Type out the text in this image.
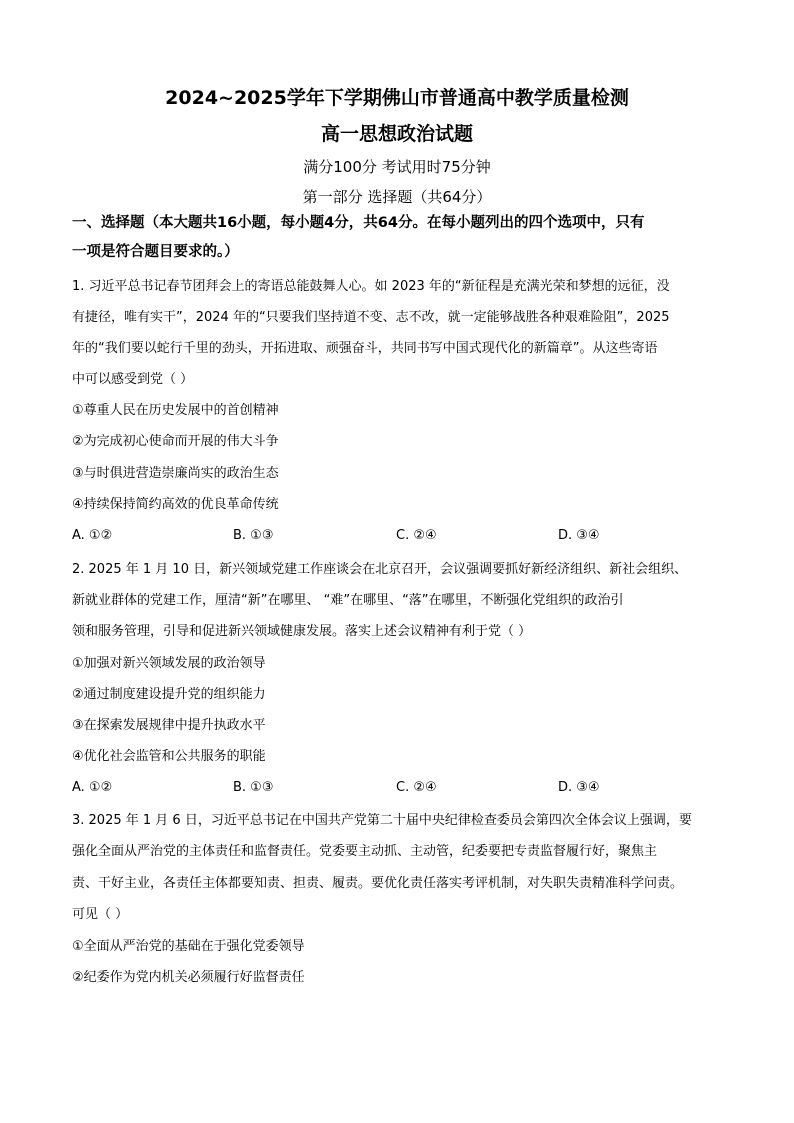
2024~2025学年下学期佛山市普通高中教学质量检测
高一思想政治试题
满分100分 考试用时75分钟
第一部分 选择题（共64分）
一、选择题（本大题共16小题，每小题4分，共64分。在每小题列出的四个选项中，只有
一项是符合题目要求的。）
1. 习近平总书记春节团拜会上的寄语总能鼓舞人心。如 2023 年的“新征程是充满光荣和梦想的远征，没
有捷径，唯有实干”，2024 年的“只要我们坚持道不变、志不改，就一定能够战胜各种艰难险阻”，2025
年的“我们要以蛇行千里的劲头，开拓进取、顽强奋斗，共同书写中国式现代化的新篇章”。从这些寄语
中可以感受到党（ ）
①尊重人民在历史发展中的首创精神
②为完成初心使命而开展的伟大斗争
③与时俱进营造崇廉尚实的政治生态
④持续保持简约高效的优良革命传统
A. ①②	B. ①③	C. ②④	D. ③④
2. 2025 年 1 月 10 日，新兴领域党建工作座谈会在北京召开，会议强调要抓好新经济组织、新社会组织、
新就业群体的党建工作，厘清“新”在哪里、 “难”在哪里、“落”在哪里，不断强化党组织的政治引
领和服务管理，引导和促进新兴领域健康发展。落实上述会议精神有利于党（ ）
①加强对新兴领域发展的政治领导
②通过制度建设提升党的组织能力
③在探索发展规律中提升执政水平
④优化社会监管和公共服务的职能
A. ①②	B. ①③	C. ②④	D. ③④
3. 2025 年 1 月 6 日，习近平总书记在中国共产党第二十届中央纪律检查委员会第四次全体会议上强调，要
强化全面从严治党的主体责任和监督责任。党委要主动抓、主动管，纪委要把专责监督履行好，聚焦主
责、干好主业，各责任主体都要知责、担责、履责。要优化责任落实考评机制，对失职失责精准科学问责。
可见（ ）
①全面从严治党的基础在于强化党委领导
②纪委作为党内机关必须履行好监督责任
